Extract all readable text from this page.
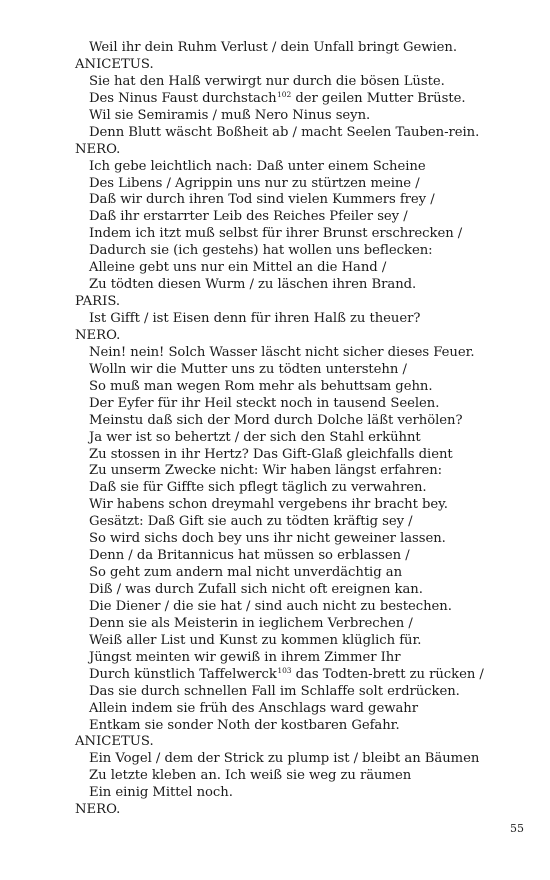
Weil ihr dein Ruhm Verlust / dein Unfall bringt Gewien.
ANICETUS.
Sie hat den Halß verwirgt nur durch die bösen Lüste.
Des Ninus Faust durchstach$^{102}$ der geilen Mutter Brüste.
Wil sie Semiramis / muß Nero Ninus seyn.
Denn Blutt wäscht Boßheit ab / macht Seelen Tauben-rein.
NERO.
Ich gebe leichtlich nach: Daß unter einem Scheine
Des Libens / Agrippin uns nur zu stürtzen meine /
Daß wir durch ihren Tod sind vielen Kummers frey /
Daß ihr erstarrter Leib des Reiches Pfeiler sey /
Indem ich itzt muß selbst für ihrer Brunst erschrecken /
Dadurch sie (ich gestehs) hat wollen uns beflecken:
Alleine gebt uns nur ein Mittel an die Hand /
Zu tödten diesen Wurm / zu läschen ihren Brand.
PARIS.
Ist Gifft / ist Eisen denn für ihren Halß zu theuer?
NERO.
Nein! nein! Solch Wasser läscht nicht sicher dieses Feuer.
Wolln wir die Mutter uns zu tödten unterstehn /
So muß man wegen Rom mehr als behuttsam gehn.
Der Eyfer für ihr Heil steckt noch in tausend Seelen.
Meinstu daß sich der Mord durch Dolche läßt verhölen?
Ja wer ist so behertzt / der sich den Stahl erkühnt
Zu stossen in ihr Hertz? Das Gift-Glaß gleichfalls dient
Zu unserm Zwecke nicht: Wir haben längst erfahren:
Daß sie für Giffte sich pflegt täglich zu verwahren.
Wir habens schon dreymahl vergebens ihr bracht bey.
Gesätzt: Daß Gift sie auch zu tödten kräftig sey /
So wird sichs doch bey uns ihr nicht geweiner lassen.
Denn / da Britannicus hat müssen so erblassen /
So geht zum andern mal nicht unverdächtig an
Diß / was durch Zufall sich nicht oft ereignen kan.
Die Diener / die sie hat / sind auch nicht zu bestechen.
Denn sie als Meisterin in ieglichem Verbrechen /
Weiß aller List und Kunst zu kommen klüglich für.
Jüngst meinten wir gewiß in ihrem Zimmer Ihr
Durch künstlich Taffelwerck$^{103}$ das Todten-brett zu rücken /
Das sie durch schnellen Fall im Schlaffe solt erdrücken.
Allein indem sie früh des Anschlags ward gewahr
Entkam sie sonder Noth der kostbaren Gefahr.
ANICETUS.
Ein Vogel / dem der Strick zu plump ist / bleibt an Bäumen
Zu letzte kleben an. Ich weiß sie weg zu räumen
Ein einig Mittel noch.
NERO.
55
